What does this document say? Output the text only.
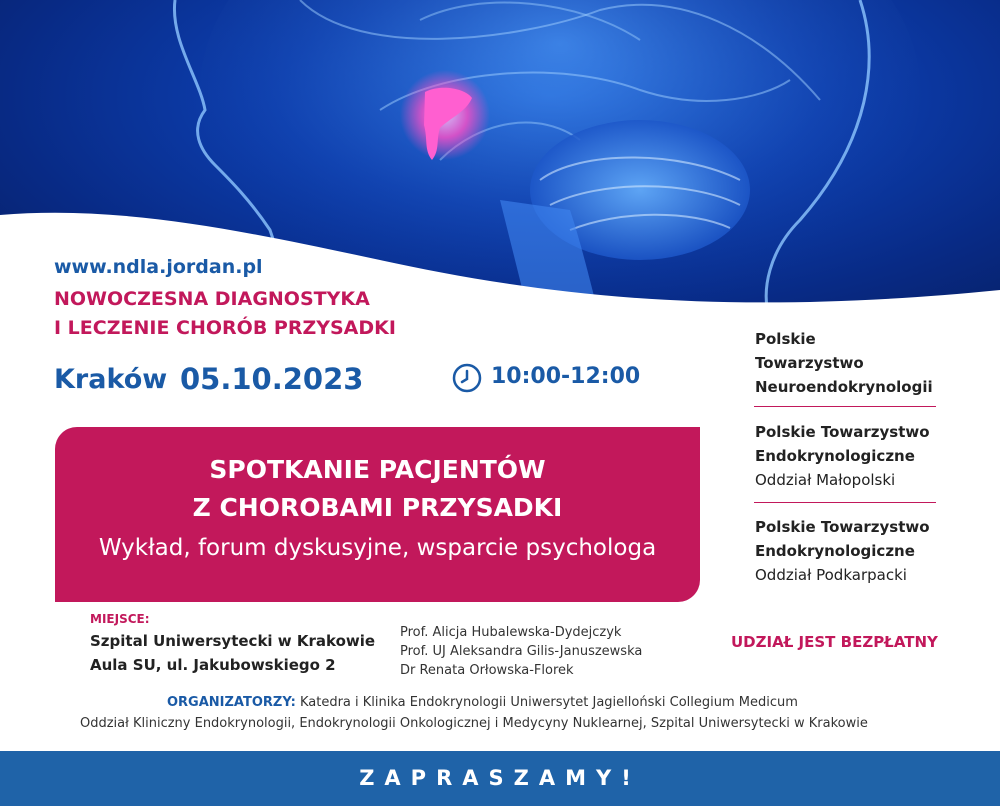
www.ndla.jordan.pl
NOWOCZESNA DIAGNOSTYKA
I LECZENIE CHORÓB PRZYSADKI
Kraków 05.10.2023	10:00-12:00
SPOTKANIE PACJENTÓW
Z CHOROBAMI PRZYSADKI
Wykład, forum dyskusyjne, wsparcie psychologa
Polskie
Towarzystwo
Neuroendokrynologii
Polskie Towarzystwo
Endokrynologiczne
Oddział Małopolski
Polskie Towarzystwo
Endokrynologiczne
Oddział Podkarpacki
MIEJSCE:
Szpital Uniwersytecki w Krakowie
Aula SU, ul. Jakubowskiego 2
Prof. Alicja Hubalewska-Dydejczyk
Prof. UJ Aleksandra Gilis-Januszewska
Dr Renata Orłowska-Florek
UDZIAŁ JEST BEZPŁATNY
ORGANIZATORZY: Katedra i Klinika Endokrynologii Uniwersytet Jagielloński Collegium Medicum
Oddział Kliniczny Endokrynologii, Endokrynologii Onkologicznej i Medycyny Nuklearnej, Szpital Uniwersytecki w Krakowie
ZAPRASZAMY!
